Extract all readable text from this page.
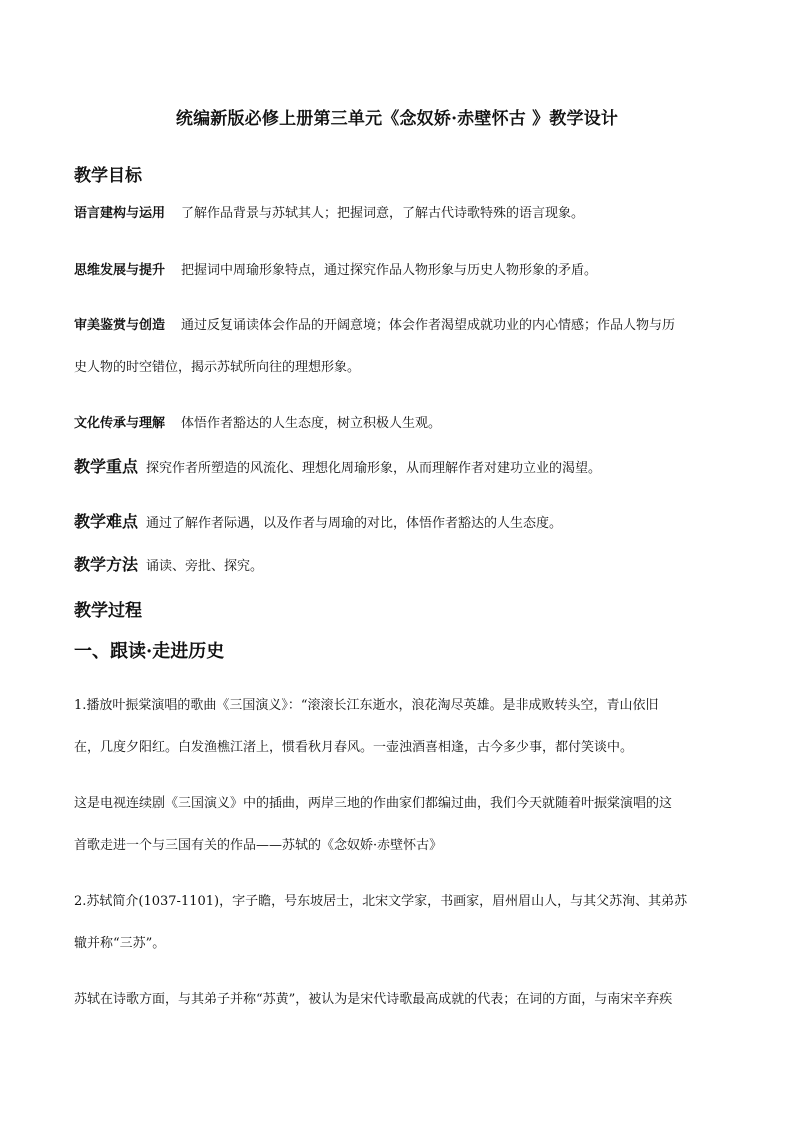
统编新版必修上册第三单元《念奴娇·赤壁怀古 》教学设计
教学目标
语言建构与运用 了解作品背景与苏轼其人；把握词意，了解古代诗歌特殊的语言现象。
思维发展与提升 把握词中周瑜形象特点，通过探究作品人物形象与历史人物形象的矛盾。
审美鉴赏与创造 通过反复诵读体会作品的开阔意境；体会作者渴望成就功业的内心情感；作品人物与历
史人物的时空错位，揭示苏轼所向往的理想形象。
文化传承与理解 体悟作者豁达的人生态度，树立积极人生观。
教学重点 探究作者所塑造的风流化、理想化周瑜形象，从而理解作者对建功立业的渴望。
教学难点 通过了解作者际遇，以及作者与周瑜的对比，体悟作者豁达的人生态度。
教学方法 诵读、旁批、探究。
教学过程
一、跟读·走进历史
1.播放叶振棠演唱的歌曲《三国演义》：“滚滚长江东逝水，浪花淘尽英雄。是非成败转头空，青山依旧
在，几度夕阳红。白发渔樵江渚上，惯看秋月春风。一壶浊酒喜相逢，古今多少事，都付笑谈中。
这是电视连续剧《三国演义》中的插曲，两岸三地的作曲家们都编过曲，我们今天就随着叶振棠演唱的这
首歌走进一个与三国有关的作品——苏轼的《念奴娇·赤壁怀古》
2.苏轼简介(1037-1101)，字子瞻，号东坡居士，北宋文学家，书画家，眉州眉山人，与其父苏洵、其弟苏
辙并称“三苏”。
苏轼在诗歌方面，与其弟子并称“苏黄”，被认为是宋代诗歌最高成就的代表；在词的方面，与南宋辛弃疾
